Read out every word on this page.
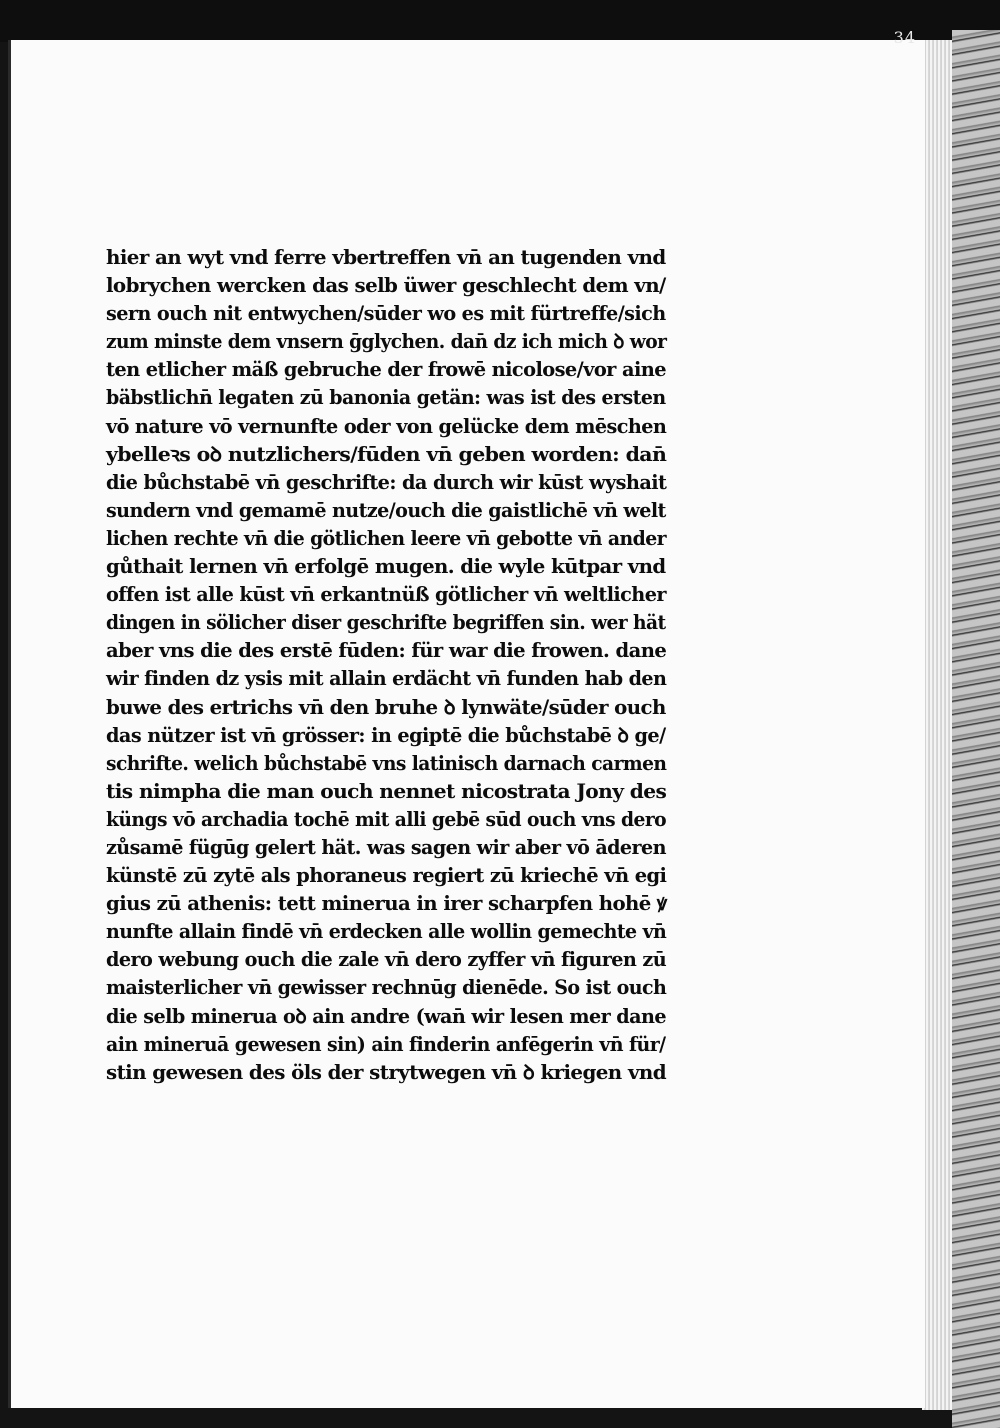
34
hier an wyt vnd ferre vbertreffen vn̄ an tugenden vnd
lobrychen wercken das selb üwer geschlecht dem vn/
sern ouch nit entwychen/sūder wo es mit fürtreffe/sich
zum minste dem vnsern ḡglychen. dan̄ dz ich mich ꝺ wor
ten etlicher mäß gebruche der frowē nicolose/vor aine
bäbstlichn̄ legaten zū banonia getän: was ist des ersten
vō nature vō vernunfte oder von gelücke dem mēschen
ybelleꝛs oꝺ nutzlichers/fūden vn̄ geben worden: dan̄
die bůchstabē vn̄ geschrifte: da durch wir kūst wyshait
sundern vnd gemamē nutze/ouch die gaistlichē vn̄ welt
lichen rechte vn̄ die götlichen leere vn̄ gebotte vn̄ ander
gůthait lernen vn̄ erfolgē mugen. die wyle kūtpar vnd
offen ist alle kūst vn̄ erkantnüß götlicher vn̄ weltlicher
dingen in sölicher diser geschrifte begriffen sin. wer hät
aber vns die des erstē fūden: für war die frowen. dane
wir finden dz ysis mit allain erdächt vn̄ funden hab den
buwe des ertrichs vn̄ den bruhe ꝺ lynwäte/sūder ouch
das nützer ist vn̄ grösser: in egiptē die bůchstabē ꝺ ge/
schrifte. welich bůchstabē vns latinisch darnach carmen
tis nimpha die man ouch nennet nicostrata Jony des
küngs vō archadia tochē mit alli gebē sūd ouch vns dero
zůsamē fügūg gelert hät. was sagen wir aber vō āderen
künstē zū zytē als phoraneus regiert zū kriechē vn̄ egi
gius zū athenis: tett minerua in irer scharpfen hohē ꝟ
nunfte allain findē vn̄ erdecken alle wollin gemechte vn̄
dero webung ouch die zale vn̄ dero zyffer vn̄ figuren zū
maisterlicher vn̄ gewisser rechnūg dienēde. So ist ouch
die selb minerua oꝺ ain andre (wan̄ wir lesen mer dane
ain mineruā gewesen sin) ain finderin anfēgerin vn̄ für/
stin gewesen des öls der strytwegen vn̄ ꝺ kriegen vnd
